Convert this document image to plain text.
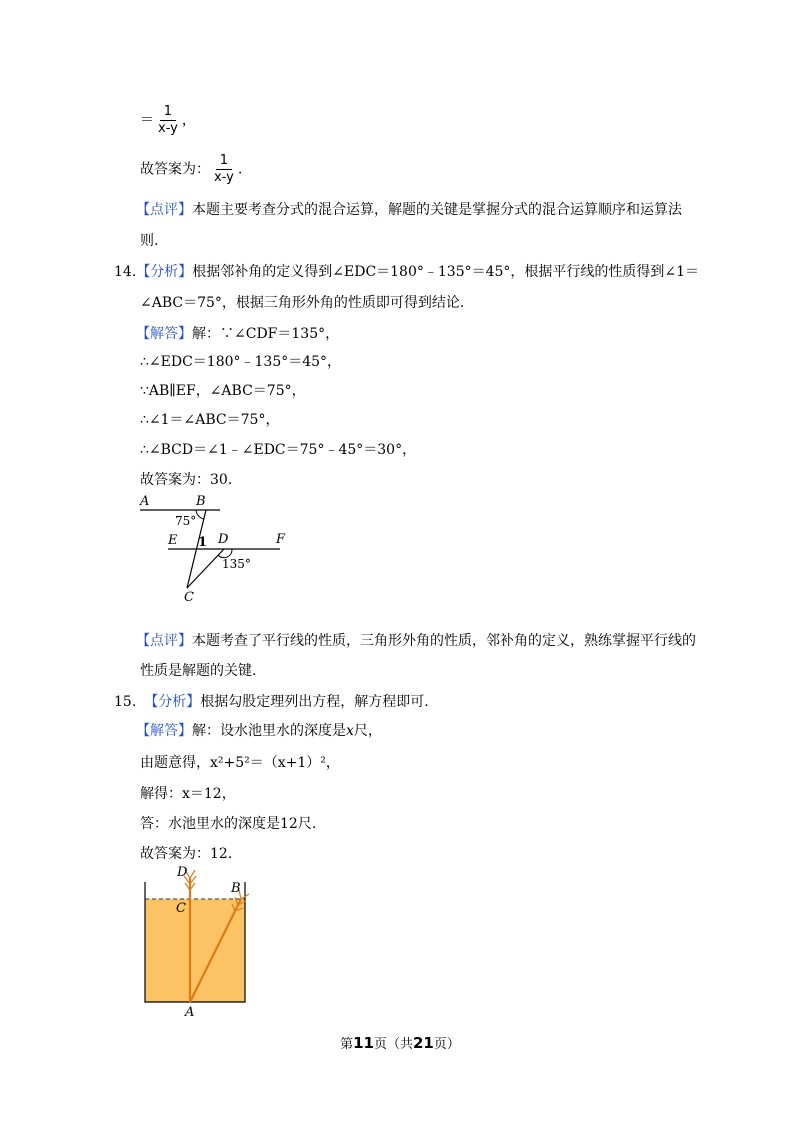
＝ $\frac{1}{x-y}$ ，
故答案为： $\frac{1}{x-y}$ .
【点评】本题主要考查分式的混合运算，解题的关键是掌握分式的混合运算顺序和运算法
则.
14.【分析】根据邻补角的定义得到∠EDC＝180°﹣135°＝45°，根据平行线的性质得到∠1＝
∠ABC＝75°，根据三角形外角的性质即可得到结论.
【解答】解：∵∠CDF＝135°，
∴∠EDC＝180°﹣135°＝45°，
∵AB∥EF，∠ABC＝75°，
∴∠1＝∠ABC＝75°，
∴∠BCD＝∠1﹣∠EDC＝75°﹣45°＝30°，
故答案为：30.
A	B
75°
E 1 D	F
135°
C
【点评】本题考查了平行线的性质，三角形外角的性质，邻补角的定义，熟练掌握平行线的
性质是解题的关键.
15. 【分析】根据勾股定理列出方程，解方程即可.
【解答】解：设水池里水的深度是x尺，
由题意得，x²+5²＝（x+1）²，
解得：x＝12，
答：水池里水的深度是12尺.
故答案为：12.
D
B
C
A
第11页（共21页）
